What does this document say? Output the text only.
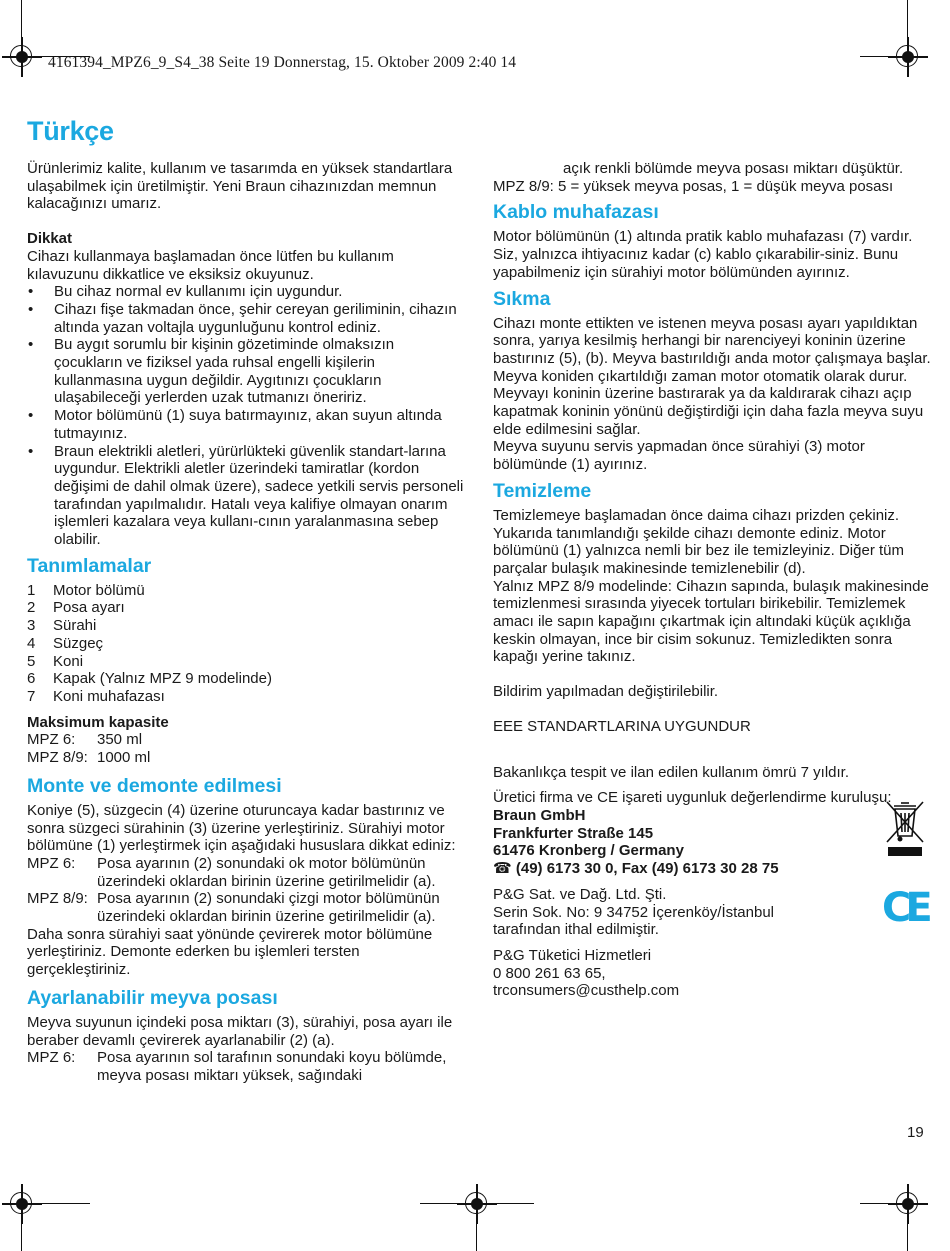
4161394_MPZ6_9_S4_38 Seite 19 Donnerstag, 15. Oktober 2009 2:40 14
Türkçe

Ürünlerimiz kalite, kullanım ve tasarımda en yüksek standartlara ulaşabilmek için üretilmiştir. Yeni Braun cihazınızdan memnun kalacağınızı umarız.

Dikkat

Cihazı kullanmaya başlamadan önce lütfen bu kullanım kılavuzunu dikkatlice ve eksiksiz okuyunuz.

• Bu cihaz normal ev kullanımı için uygundur.

• Cihazı fişe takmadan önce, şehir cereyan geriliminin, cihazın altında yazan voltajla uygunluğunu kontrol ediniz.

• Bu aygıt sorumlu bir kişinin gözetiminde olmaksızın çocukların ve fiziksel yada ruhsal engelli kişilerin kullanmasına uygun değildir. Aygıtınızı çocukların ulaşabileceği yerlerden uzak tutmanızı öneririz.

• Motor bölümünü (1) suya batırmayınız, akan suyun altında tutmayınız.

• Braun elektrikli aletleri, yürürlükteki güvenlik standart-larına uygundur. Elektrikli aletler üzerindeki tamiratlar (kordon değişimi de dahil olmak üzere), sadece yetkili servis personeli tarafından yapılmalıdır. Hatalı veya kalifiye olmayan onarım işlemleri kazalara veya kullanı-cının yaralanmasına sebep olabilir.

Tanımlamalar
1	Motor bölümü
2	Posa ayarı
3	Sürahi
4	Süzgeç
5	Koni
6	Kapak (Yalnız MPZ 9 modelinde)
7	Koni muhafazası

Maksimum kapasite

MPZ 6:	350 ml
MPZ 8/9: 1000 ml
Monte ve demonte edilmesi

Koniye (5), süzgecin (4) üzerine oturuncaya kadar bastırınız ve sonra süzgeci sürahinin (3) üzerine yerleştiriniz. Sürahiyi motor bölümüne (1) yerleştirmek için aşağıdaki hususlara dikkat ediniz:

MPZ 6:	Posa ayarının (2) sonundaki ok motor bölümünün üzerindeki oklardan birinin üzerine getirilmelidir (a).
MPZ 8/9: Posa ayarının (2) sonundaki çizgi motor bölümünün üzerindeki oklardan birinin üzerine getirilmelidir (a).

Daha sonra sürahiyi saat yönünde çevirerek motor bölümüne yerleştiriniz. Demonte ederken bu işlemleri tersten gerçekleştiriniz.

Ayarlanabilir meyva posası

Meyva suyunun içindeki posa miktarı (3), sürahiyi, posa ayarı ile beraber devamlı çevirerek ayarlanabilir (2) (a).

MPZ 6:	Posa ayarının sol tarafının sonundaki koyu bölümde, meyva posası miktarı yüksek, sağındaki

açık renkli bölümde meyva posası miktarı düşüktür.

MPZ 8/9: 5 = yüksek meyva posas, 1 = düşük meyva posası

Kablo muhafazası

Motor bölümünün (1) altında pratik kablo muhafazası (7) vardır. Siz, yalnızca ihtiyacınız kadar (c) kablo çıkarabilir-siniz. Bunu yapabilmeniz için sürahiyi motor bölümünden ayırınız.

Sıkma

Cihazı monte ettikten ve istenen meyva posası ayarı yapıldıktan sonra, yarıya kesilmiş herhangi bir narenciyeyi koninin üzerine bastırınız (5), (b). Meyva bastırıldığı anda motor çalışmaya başlar. Meyva koniden çıkartıldığı zaman motor otomatik olarak durur. Meyvayı koninin üzerine bastırarak ya da kaldırarak cihazı açıp kapatmak koninin yönünü değiştirdiği için daha fazla meyva suyu elde edilmesini sağlar.

Meyva suyunu servis yapmadan önce sürahiyi (3) motor bölümünde (1) ayırınız.

Temizleme

Temizlemeye başlamadan önce daima cihazı prizden çekiniz. Yukarıda tanımlandığı şekilde cihazı demonte ediniz. Motor bölümünü (1) yalnızca nemli bir bez ile temizleyiniz. Diğer tüm parçalar bulaşık makinesinde temizlenebilir (d).

Yalnız MPZ 8/9 modelinde: Cihazın sapında, bulaşık makinesinde temizlenmesi sırasında yiyecek tortuları birikebilir. Temizlemek amacı ile sapın kapağını çıkartmak için altındaki küçük açıklığa keskin olmayan, ince bir cisim sokunuz. Temizledikten sonra kapağı yerine takınız.

Bildirim yapılmadan değiştirilebilir.

EEE STANDARTLARINA UYGUNDUR

Bakanlıkça tespit ve ilan edilen kullanım ömrü 7 yıldır.

Üretici firma ve CE işareti uygunluk değerlendirme kuruluşu:

Braun GmbH

Frankfurter Straße 145

61476 Kronberg / Germany

☎ (49) 6173 30 0, Fax (49) 6173 30 28 75

P&G Sat. ve Dağ. Ltd. Şti.

Serin Sok. No: 9 34752 İçerenköy/İstanbul

tarafından ithal edilmiştir.

P&G Tüketici Hizmetleri

0 800 261 63 65,

trconsumers@custhelp.com

CE
19
